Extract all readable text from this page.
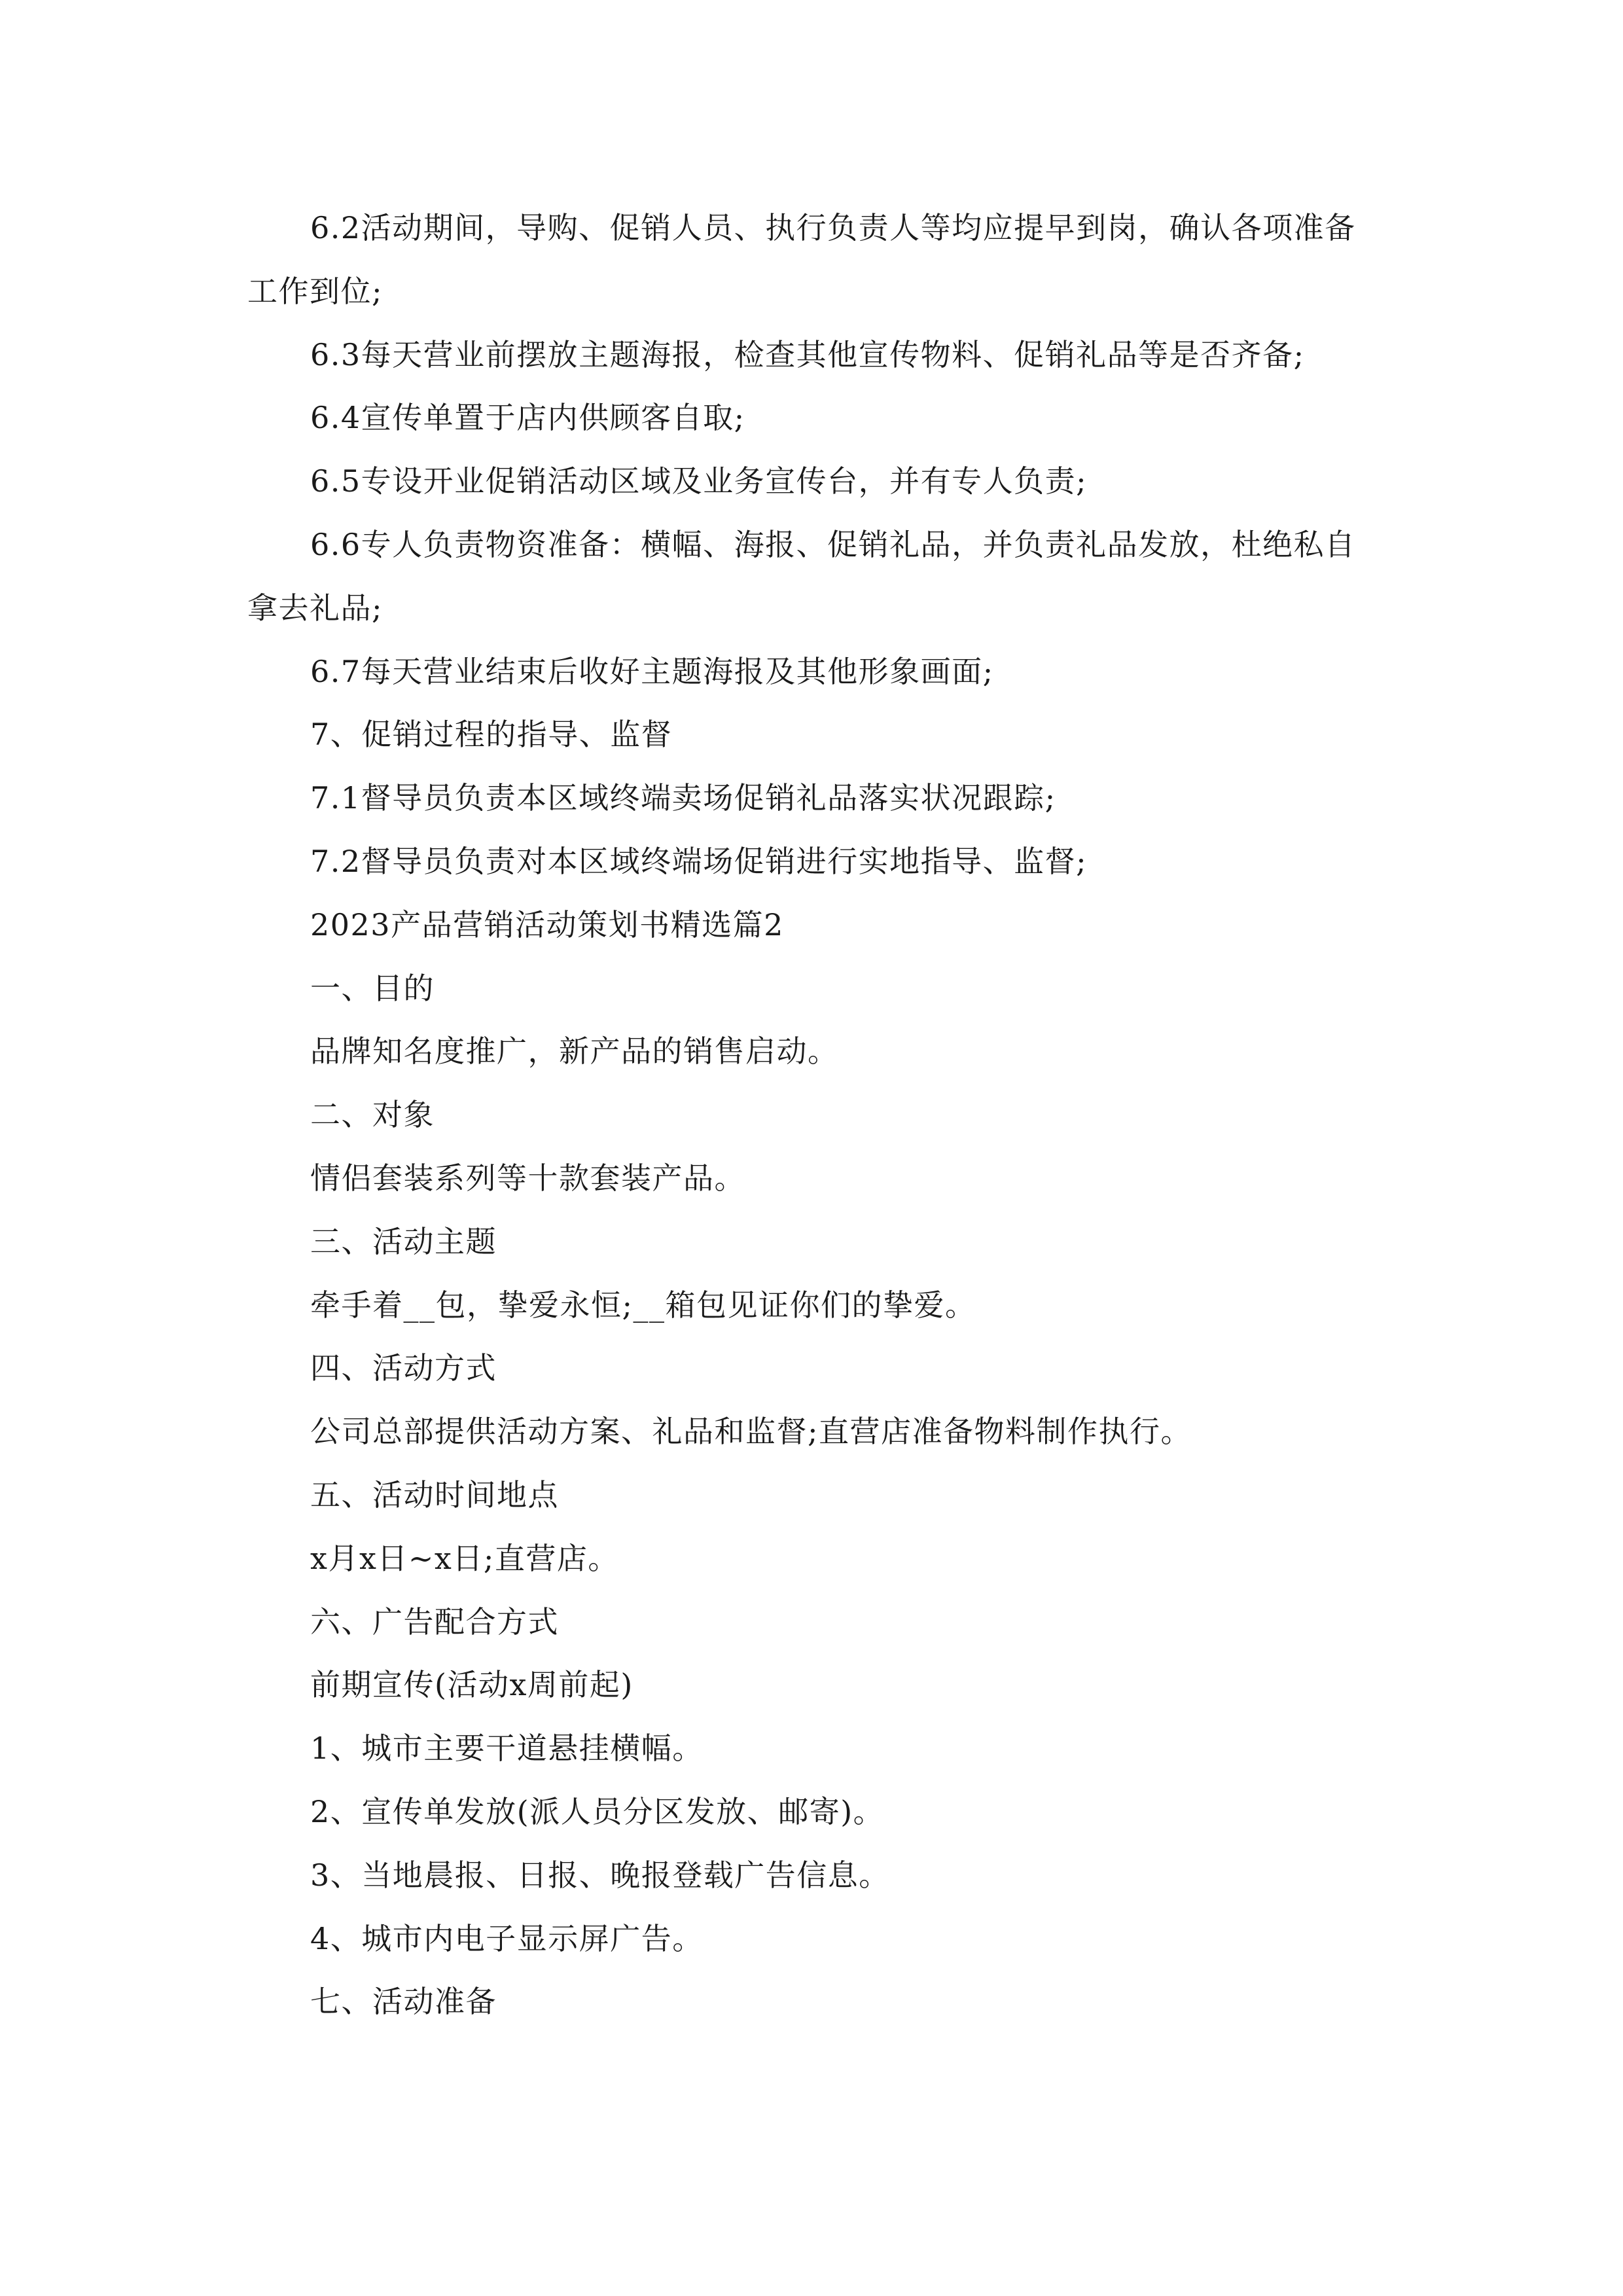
6.2活动期间，导购、促销人员、执行负责人等均应提早到岗，确认各项准备工作到位;

6.3每天营业前摆放主题海报，检查其他宣传物料、促销礼品等是否齐备;

6.4宣传单置于店内供顾客自取;

6.5专设开业促销活动区域及业务宣传台，并有专人负责;

6.6专人负责物资准备：横幅、海报、促销礼品，并负责礼品发放，杜绝私自拿去礼品;

6.7每天营业结束后收好主题海报及其他形象画面;

7、促销过程的指导、监督

7.1督导员负责本区域终端卖场促销礼品落实状况跟踪;

7.2督导员负责对本区域终端场促销进行实地指导、监督;

2023产品营销活动策划书精选篇2

一、目的

品牌知名度推广，新产品的销售启动。

二、对象

情侣套装系列等十款套装产品。

三、活动主题

牵手着__包，挚爱永恒;__箱包见证你们的挚爱。

四、活动方式

公司总部提供活动方案、礼品和监督;直营店准备物料制作执行。

五、活动时间地点

x月x日~x日;直营店。

六、广告配合方式

前期宣传(活动x周前起)

1、城市主要干道悬挂横幅。

2、宣传单发放(派人员分区发放、邮寄)。

3、当地晨报、日报、晚报登载广告信息。

4、城市内电子显示屏广告。

七、活动准备
